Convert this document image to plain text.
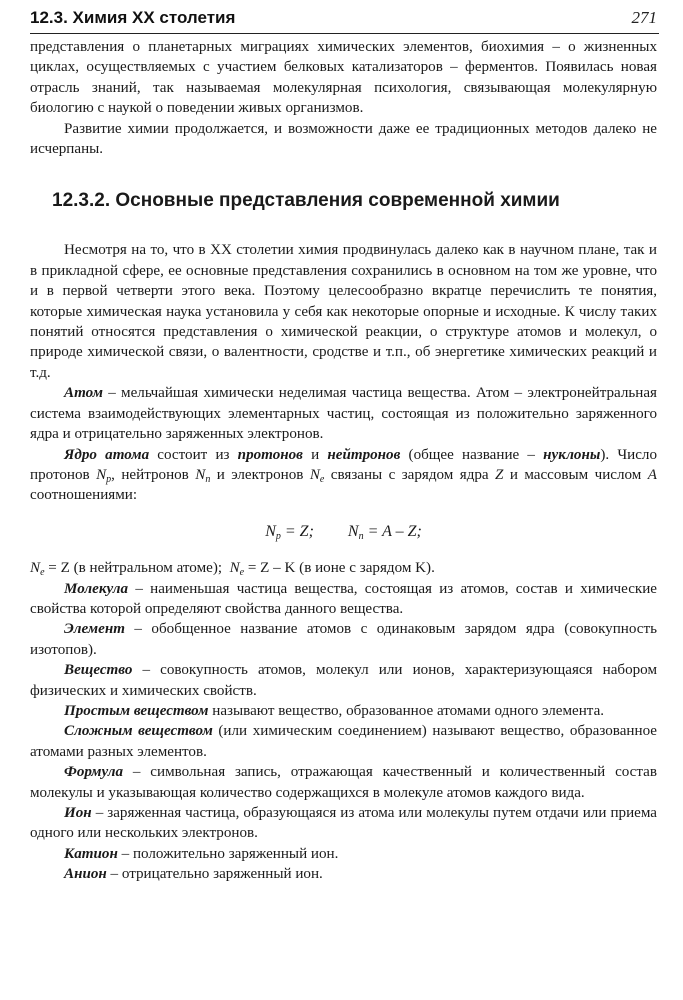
12.3. Химия XX столетия	271

представления о планетарных миграциях химических элементов, биохимия – о жизненных циклах, осуществляемых с участием белковых катализаторов – ферментов. Появилась новая отрасль знаний, так называемая молекулярная психология, связывающая молекулярную биологию с наукой о поведении живых организмов.

Развитие химии продолжается, и возможности даже ее традиционных методов далеко не исчерпаны.

12.3.2. Основные представления современной химии

Несмотря на то, что в XX столетии химия продвинулась далеко как в научном плане, так и в прикладной сфере, ее основные представления сохранились в основном на том же уровне, что и в первой четверти этого века. Поэтому целесообразно вкратце перечислить те понятия, которые химическая наука установила у себя как некоторые опорные и исходные. К числу таких понятий относятся представления о химической реакции, о структуре атомов и молекул, о природе химической связи, о валентности, сродстве и т.п., об энергетике химических реакций и т.д.

Атом – мельчайшая химически неделимая частица вещества. Атом – электронейтральная система взаимодействующих элементарных частиц, состоящая из положительно заряженного ядра и отрицательно заряженных электронов.

Ядро атома состоит из протонов и нейтронов (общее название – нуклоны). Число протонов $N_p$, нейтронов $N_n$ и электронов $N_e$ связаны с зарядом ядра Z и массовым числом A соотношениями:

$N_p = Z$; $N_n = A - Z$;

$N_e = Z$ (в нейтральном атоме); $N_e = Z - K$ (в ионе с зарядом K).

Молекула – наименьшая частица вещества, состоящая из атомов, состав и химические свойства которой определяют свойства данного вещества.

Элемент – обобщенное название атомов с одинаковым зарядом ядра (совокупность изотопов).

Вещество – совокупность атомов, молекул или ионов, характеризующаяся набором физических и химических свойств.

Простым веществом называют вещество, образованное атомами одного элемента.

Сложным веществом (или химическим соединением) называют вещество, образованное атомами разных элементов.

Формула – символьная запись, отражающая качественный и количественный состав молекулы и указывающая количество содержащихся в молекуле атомов каждого вида.

Ион – заряженная частица, образующаяся из атома или молекулы путем отдачи или приема одного или нескольких электронов.

Катион – положительно заряженный ион.

Анион – отрицательно заряженный ион.
